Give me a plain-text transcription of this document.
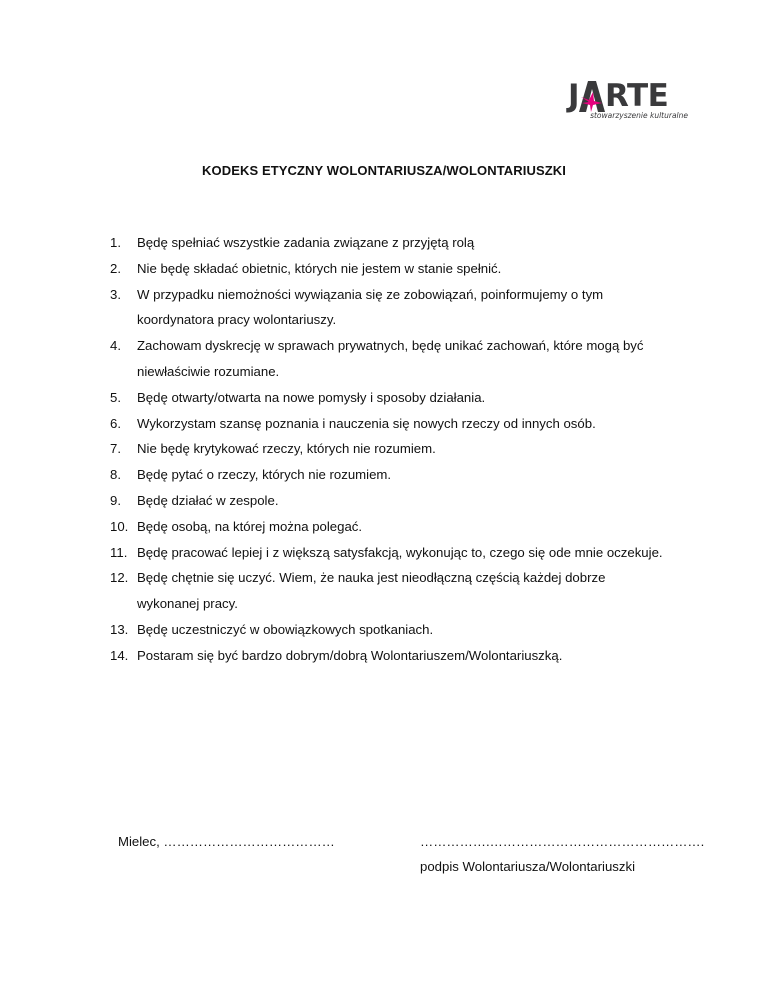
J RTE
stowarzyszenie kulturalne
KODEKS ETYCZNY WOLONTARIUSZA/WOLONTARIUSZKI
1.	Będę spełniać wszystkie zadania związane z przyjętą rolą
2.	Nie będę składać obietnic, których nie jestem w stanie spełnić.
3.	W przypadku niemożności wywiązania się ze zobowiązań, poinformujemy o tym koordynatora pracy wolontariuszy.
4.	Zachowam dyskrecję w sprawach prywatnych, będę unikać zachowań, które mogą być niewłaściwie rozumiane.
5.	Będę otwarty/otwarta na nowe pomysły i sposoby działania.
6.	Wykorzystam szansę poznania i nauczenia się nowych rzeczy od innych osób.
7.	Nie będę krytykować rzeczy, których nie rozumiem.
8.	Będę pytać o rzeczy, których nie rozumiem.
9.	Będę działać w zespole.
10. Będę osobą, na której można polegać.
11. Będę pracować lepiej i z większą satysfakcją, wykonując to, czego się ode mnie oczekuje.
12. Będę chętnie się uczyć. Wiem, że nauka jest nieodłączną częścią każdej dobrze wykonanej pracy.
13. Będę uczestniczyć w obowiązkowych spotkaniach.
14. Postaram się być bardzo dobrym/dobrą Wolontariuszem/Wolontariuszką.
Mielec, …………………………………	…………….………………………………………….
podpis Wolontariusza/Wolontariuszki
